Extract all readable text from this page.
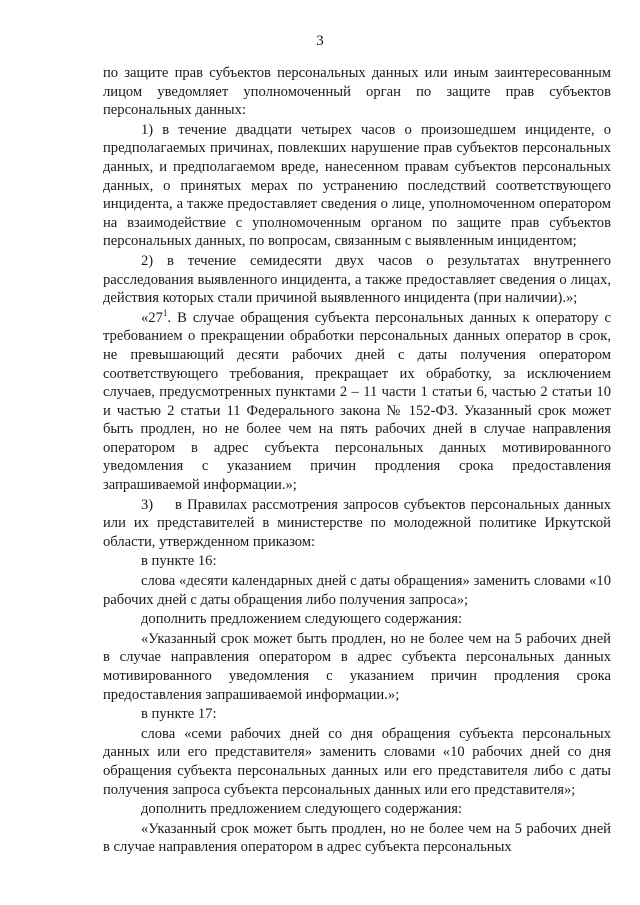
3

по защите прав субъектов персональных данных или иным заинтересованным лицом уведомляет уполномоченный орган по защите прав субъектов персональных данных:

1) в течение двадцати четырех часов о произошедшем инциденте, о предполагаемых причинах, повлекших нарушение прав субъектов персональных данных, и предполагаемом вреде, нанесенном правам субъектов персональных данных, о принятых мерах по устранению последствий соответствующего инцидента, а также предоставляет сведения о лице, уполномоченном оператором на взаимодействие с уполномоченным органом по защите прав субъектов персональных данных, по вопросам, связанным с выявленным инцидентом;

2) в течение семидесяти двух часов о результатах внутреннего расследования выявленного инцидента, а также предоставляет сведения о лицах, действия которых стали причиной выявленного инцидента (при наличии).»;

«$27^1$. В случае обращения субъекта персональных данных к оператору с требованием о прекращении обработки персональных данных оператор в срок, не превышающий десяти рабочих дней с даты получения оператором соответствующего требования, прекращает их обработку, за исключением случаев, предусмотренных пунктами 2 – 11 части 1 статьи 6, частью 2 статьи 10 и частью 2 статьи 11 Федерального закона № 152-ФЗ. Указанный срок может быть продлен, но не более чем на пять рабочих дней в случае направления оператором в адрес субъекта персональных данных мотивированного уведомления с указанием причин продления срока предоставления запрашиваемой информации.»;

3)  в Правилах рассмотрения запросов субъектов персональных данных или их представителей в министерстве по молодежной политике Иркутской области, утвержденном приказом:

в пункте 16:

слова «десяти календарных дней с даты обращения» заменить словами «10 рабочих дней с даты обращения либо получения запроса»;

дополнить предложением следующего содержания:

«Указанный срок может быть продлен, но не более чем на 5 рабочих дней в случае направления оператором в адрес субъекта персональных данных мотивированного уведомления с указанием причин продления срока предоставления запрашиваемой информации.»;

в пункте 17:

слова «семи рабочих дней со дня обращения субъекта персональных данных или его представителя» заменить словами «10 рабочих дней со дня обращения субъекта персональных данных или его представителя либо с даты получения запроса субъекта персональных данных или его представителя»;

дополнить предложением следующего содержания:

«Указанный срок может быть продлен, но не более чем на 5 рабочих дней в случае направления оператором в адрес субъекта персональных
